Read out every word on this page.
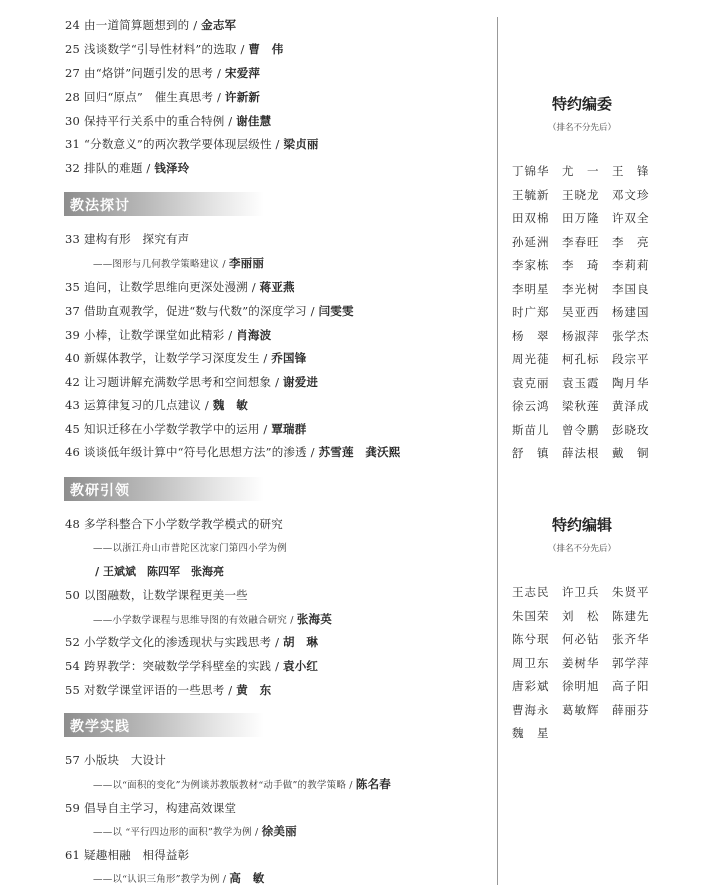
24 由一道简算题想到的 / 金志军
25 浅谈数学“引导性材料”的选取 / 曹　伟
27 由“烙饼”问题引发的思考 / 宋爱萍
28 回归“原点”　催生真思考 / 许新新
30 保持平行关系中的重合特例 / 谢佳慧
31 “分数意义”的两次教学要体现层级性 / 梁贞丽
32 排队的难题 / 钱泽玲
教法探讨
33 建构有形　探究有声
——图形与几何教学策略建议 / 李丽丽
35 追问，让数学思维向更深处漫溯 / 蒋亚燕
37 借助直观教学，促进“数与代数”的深度学习 / 闫雯雯
39 小棒，让数学课堂如此精彩 / 肖海波
40 新媒体教学，让数学学习深度发生 / 乔国锋
42 让习题讲解充满数学思考和空间想象 / 谢爱进
43 运算律复习的几点建议 / 魏　敏
45 知识迁移在小学数学教学中的运用 / 覃瑞群
46 谈谈低年级计算中“符号化思想方法”的渗透 / 苏雪莲　龚沃熙
教研引领
48 多学科整合下小学数学教学模式的研究
——以浙江舟山市普陀区沈家门第四小学为例
/ 王斌斌　陈四军　张海亮
50 以图融数，让数学课程更美一些
——小学数学课程与思维导图的有效融合研究 / 张海英
52 小学数学文化的渗透现状与实践思考 / 胡　琳
54 跨界教学：突破数学学科壁垒的实践 / 袁小红
55 对数学课堂评语的一些思考 / 黄　东
教学实践
57 小版块　大设计
——以“面积的变化”为例谈苏教版教材“动手做”的教学策略 / 陈名春
59 倡导自主学习，构建高效课堂
——以 “平行四边形的面积”教学为例 / 徐美丽
61 疑趣相融　相得益彰
——以“认识三角形”教学为例 / 高　敏
特约编委
（排名不分先后）
丁锦华 尤　一 王　锋
王毓新 王晓龙 邓文珍
田双棉 田万隆 许双全
孙延洲 李春旺 李　亮
李家栋 李　琦 李莉莉
李明星 李光树 李国良
时广郑 吴亚西 杨建国
杨　翠 杨淑萍 张学杰
周光蓰 柯孔标 段宗平
袁克丽 袁玉霞 陶月华
徐云鸿 梁秋莲 黄泽成
斯苗儿 曾令鹏 彭晓玫
舒　镇 薛法根 戴　铜
特约编辑
（排名不分先后）
王志民 许卫兵 朱贤平
朱国荣 刘　松 陈建先
陈兮珉 何必钻 张齐华
周卫东 姜树华 郭学萍
唐彩斌 徐明旭 高子阳
曹海永 葛敏辉 薛丽芬
魏　星
